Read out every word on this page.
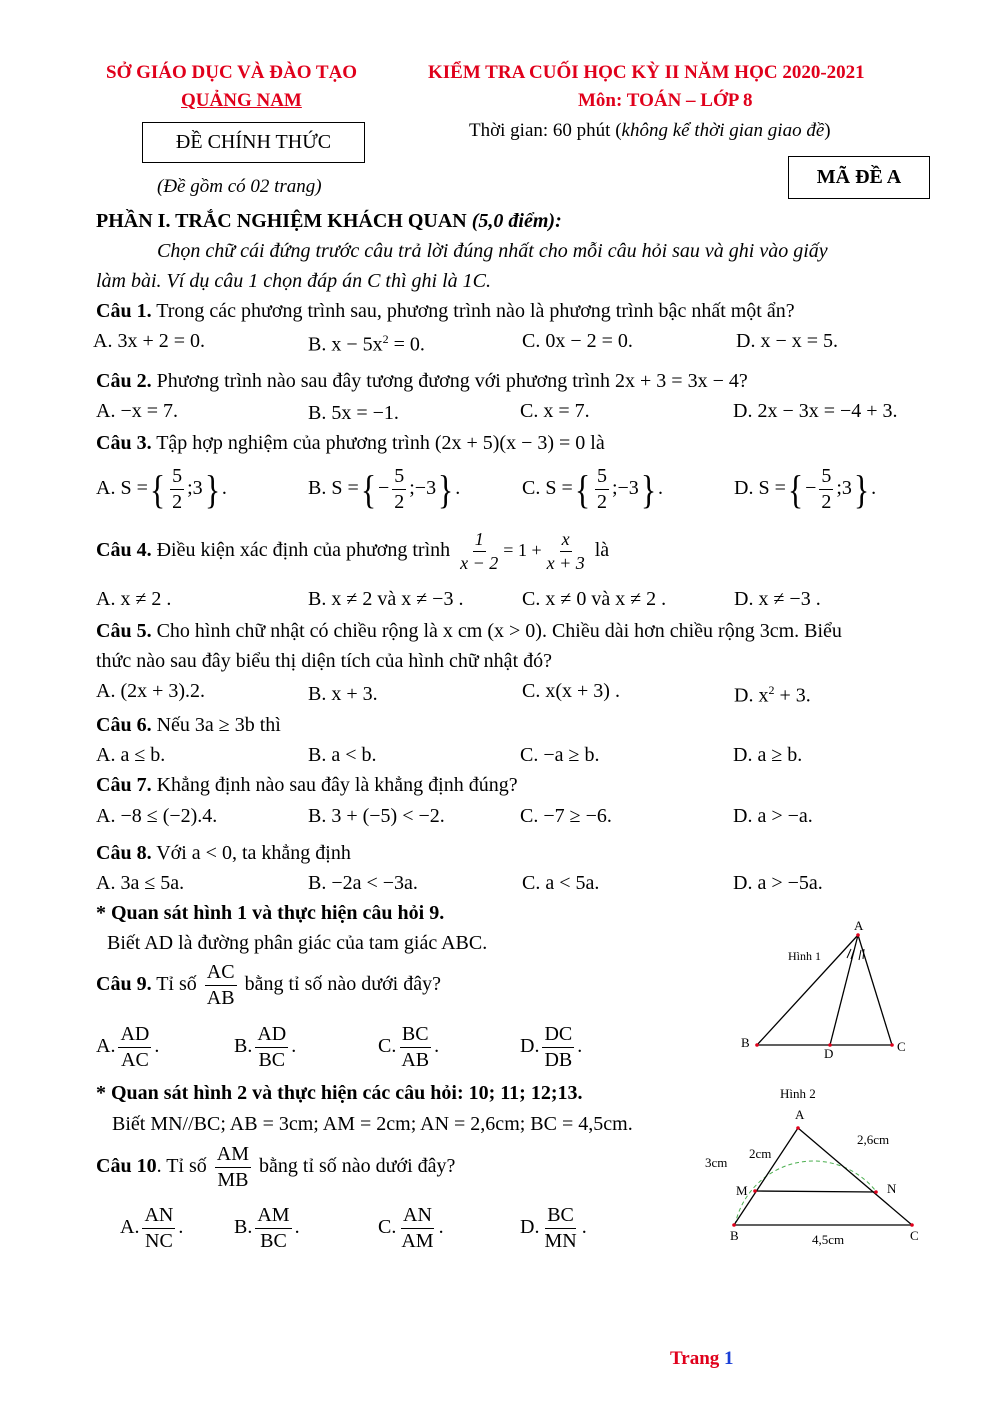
SỞ GIÁO DỤC VÀ ĐÀO TẠO
QUẢNG NAM
KIỂM TRA CUỐI HỌC KỲ II NĂM HỌC 2020-2021
Môn: TOÁN – LỚP 8
ĐỀ CHÍNH THỨC
Thời gian: 60 phút (không kể thời gian giao đề)
MÃ ĐỀ A
(Đề gồm có 02 trang)
PHẦN I. TRẮC NGHIỆM KHÁCH QUAN (5,0 điểm):
Chọn chữ cái đứng trước câu trả lời đúng nhất cho mỗi câu hỏi sau và ghi vào giấy
làm bài. Ví dụ câu 1 chọn đáp án C thì ghi là 1C.
Câu 1. Trong các phương trình sau, phương trình nào là phương trình bậc nhất một ẩn?
A. 3x + 2 = 0.	B. $x - 5x^2 = 0$.	C. 0x − 2 = 0.	D. x − x = 5.
Câu 2. Phương trình nào sau đây tương đương với phương trình 2x + 3 = 3x − 4?
A. −x = 7.	B. 5x = −1.	C. x = 7.	D. 2x − 3x = −4 + 3.
Câu 3. Tập hợp nghiệm của phương trình (2x + 5)(x − 3) = 0 là
A. S ={ $\frac{5}{2}$ ;3}.	B. S ={− $\frac{5}{2}$ ;−3}.	C. S ={ $\frac{5}{2}$ ;−3}.	D. S ={− $\frac{5}{2}$ ;3}.
Câu 4. Điều kiện xác định của phương trình $\frac{1}{x - 2} = 1 + \frac{x}{x + 3}$ là
A. x ≠ 2 .	B. x ≠ 2 và x ≠ −3 .	C. x ≠ 0 và x ≠ 2 .	D. x ≠ −3 .
Câu 5. Cho hình chữ nhật có chiều rộng là x cm (x > 0). Chiều dài hơn chiều rộng 3cm. Biểu
thức nào sau đây biểu thị diện tích của hình chữ nhật đó?
A. (2x + 3).2.	B. x + 3.	C. x(x + 3) .	D. $x^2 + 3$.
Câu 6. Nếu 3a ≥ 3b thì
A. a ≤ b.	B. a < b.	C. −a ≥ b.	D. a ≥ b.
Câu 7. Khẳng định nào sau đây là khẳng định đúng?
A. −8 ≤ (−2).4.	B. 3 + (−5) < −2.	C. −7 ≥ −6.	D. a > −a.
Câu 8. Với a < 0, ta khẳng định
A. 3a ≤ 5a.	B. −2a < −3a.	C. a < 5a.	D. a > −5a.
* Quan sát hình 1 và thực hiện câu hỏi 9.
Biết AD là đường phân giác của tam giác ABC.
Câu 9. Tỉ số $\frac{AC}{AB}$ bằng tỉ số nào dưới đây?
A. $\frac{AD}{AC}$ .	B. $\frac{AD}{BC}$ .	C. $\frac{BC}{AB}$ .	D. $\frac{DC}{DB}$ .
* Quan sát hình 2 và thực hiện các câu hỏi: 10; 11; 12;13.
Biết MN//BC; AB = 3cm; AM = 2cm; AN = 2,6cm; BC = 4,5cm.
Câu 10. Tỉ số $\frac{AM}{MB}$ bằng tỉ số nào dưới đây?
A. $\frac{AN}{NC}$ .	B. $\frac{AM}{BC}$ .	C. $\frac{AN}{AM}$ .	D. $\frac{BC}{MN}$ .
A
Hình 1
B	C
D
Hình 2
A
B	C
M	N
3cm
2cm
2,6cm
4,5cm
Trang 1
